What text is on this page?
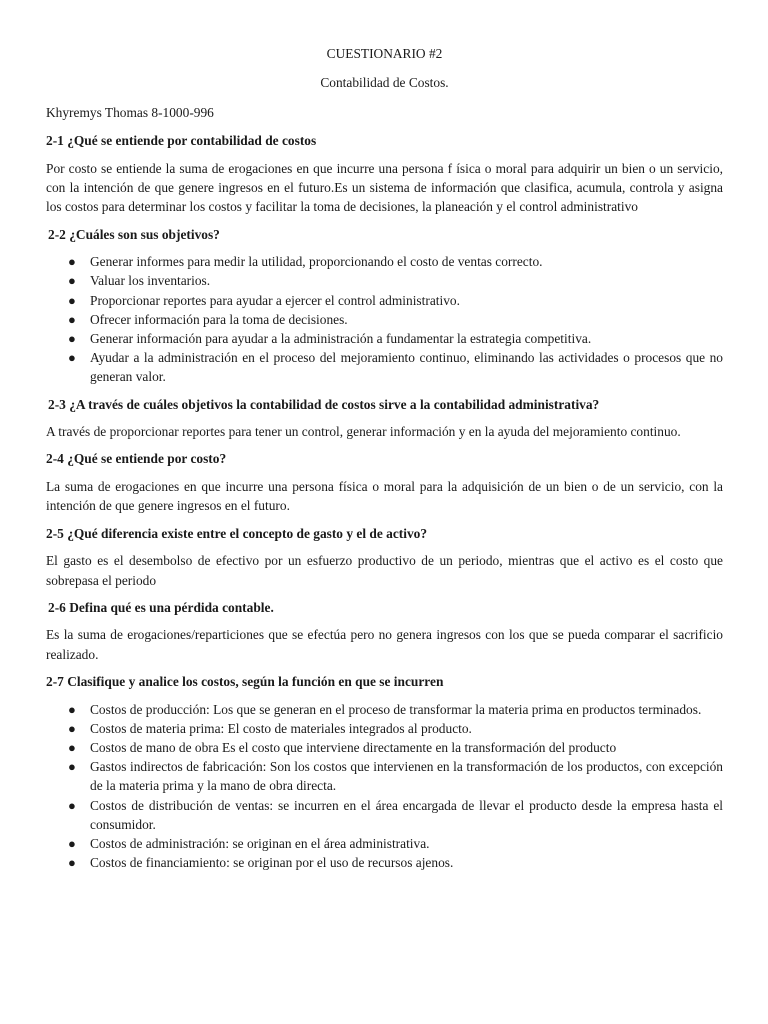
CUESTIONARIO #2
Contabilidad de Costos.
Khyremys Thomas 8-1000-996
2-1 ¿Qué se entiende por contabilidad de costos
Por costo se entiende la suma de erogaciones en que incurre una persona f ísica o moral para adquirir un bien o un servicio, con la intención de que genere ingresos en el futuro.Es un sistema de información que clasifica, acumula, controla y asigna los costos para determinar los costos y facilitar la toma de decisiones, la planeación y el control administrativo
2-2 ¿Cuáles son sus objetivos?
● Generar informes para medir la utilidad, proporcionando el costo de ventas correcto.
● Valuar los inventarios.
● Proporcionar reportes para ayudar a ejercer el control administrativo.
● Ofrecer información para la toma de decisiones.
● Generar información para ayudar a la administración a fundamentar la estrategia competitiva.
● Ayudar a la administración en el proceso del mejoramiento continuo, eliminando las actividades o procesos que no generan valor.
2-3 ¿A través de cuáles objetivos la contabilidad de costos sirve a la contabilidad administrativa?
A través de proporcionar reportes para tener un control, generar información y en la ayuda del mejoramiento continuo.
2-4 ¿Qué se entiende por costo?
La suma de erogaciones en que incurre una persona física o moral para la adquisición de un bien o de un servicio, con la intención de que genere ingresos en el futuro.
2-5 ¿Qué diferencia existe entre el concepto de gasto y el de activo?
El gasto es el desembolso de efectivo por un esfuerzo productivo de un periodo, mientras que el activo es el costo que sobrepasa el periodo
2-6 Defina qué es una pérdida contable.
Es la suma de erogaciones/reparticiones que se efectúa pero no genera ingresos con los que se pueda comparar el sacrificio realizado.
2-7 Clasifique y analice los costos, según la función en que se incurren
● Costos de producción: Los que se generan en el proceso de transformar la materia prima en productos terminados.
● Costos de materia prima: El costo de materiales integrados al producto.
● Costos de mano de obra Es el costo que interviene directamente en la transformación del producto
● Gastos indirectos de fabricación: Son los costos que intervienen en la transformación de los productos, con excepción de la materia prima y la mano de obra directa.
● Costos de distribución de ventas: se incurren en el área encargada de llevar el producto desde la empresa hasta el consumidor.
● Costos de administración: se originan en el área administrativa.
● Costos de financiamiento: se originan por el uso de recursos ajenos.
